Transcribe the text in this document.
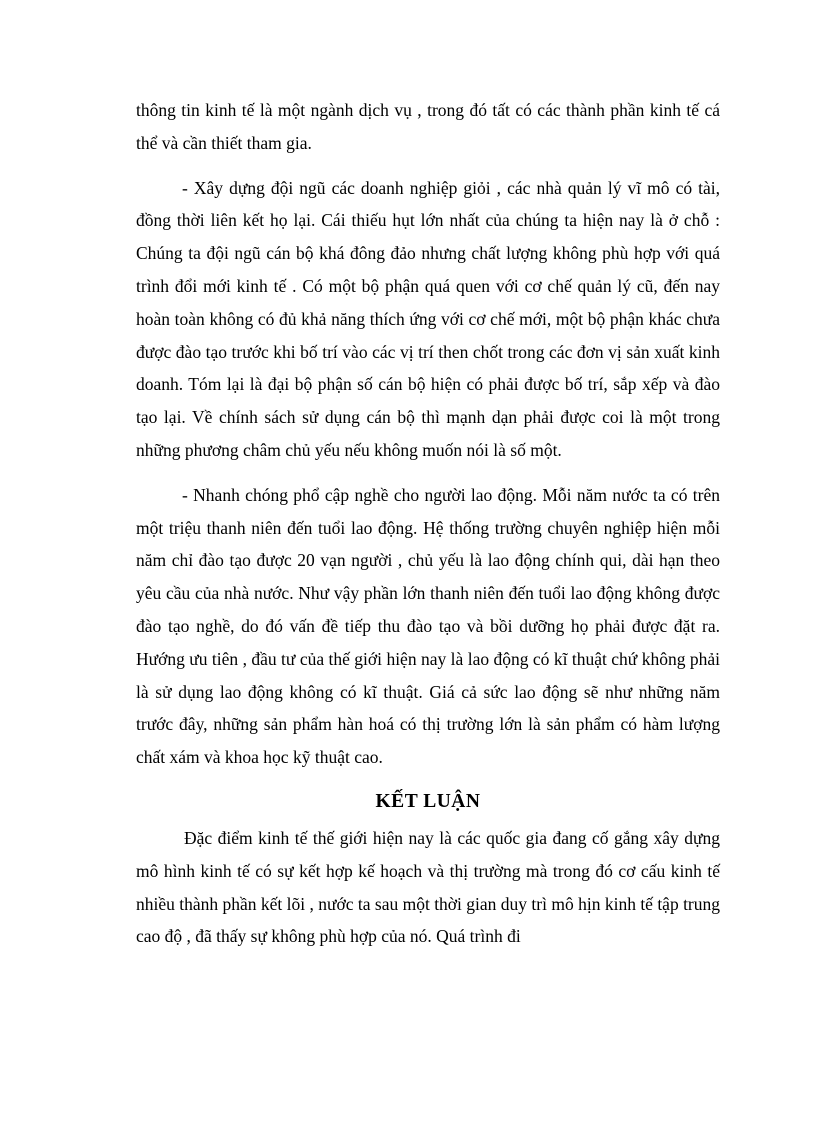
thông tin kinh tế là một ngành dịch vụ , trong đó tất có các thành phần kinh tế cá thể và cần thiết tham gia.

- Xây dựng đội ngũ các doanh nghiệp giỏi , các nhà quản lý vĩ mô có tài, đồng thời liên kết họ lại. Cái thiếu hụt lớn nhất của chúng ta hiện nay là ở chỗ : Chúng ta đội ngũ cán bộ khá đông đảo nhưng chất lượng không phù hợp với quá trình đổi mới kinh tế . Có một bộ phận quá quen với cơ chế quản lý cũ, đến nay hoàn toàn không có đủ khả năng thích ứng với cơ chế mới, một bộ phận khác chưa được đào tạo trước khi bố trí vào các vị trí then chốt trong các đơn vị sản xuất kinh doanh. Tóm lại là đại bộ phận số cán bộ hiện có phải được bố trí, sắp xếp và đào tạo lại. Về chính sách sử dụng cán bộ thì mạnh dạn phải được coi là một trong những phương châm chủ yếu nếu không muốn nói là số một.

- Nhanh chóng phổ cập nghề cho người lao động. Mỗi năm nước ta có trên một triệu thanh niên đến tuổi lao động. Hệ thống trường chuyên nghiệp hiện mỗi năm chỉ đào tạo được 20 vạn người , chủ yếu là lao động chính qui, dài hạn theo yêu cầu của nhà nước. Như vậy phần lớn thanh niên đến tuổi lao động không được đào tạo nghề, do đó vấn đề tiếp thu đào tạo và bồi dưỡng họ phải được đặt ra. Hướng ưu tiên , đầu tư của thế giới hiện nay là lao động có kĩ thuật chứ không phải là sử dụng lao động không có kĩ thuật. Giá cả sức lao động sẽ như những năm trước đây, những sản phẩm hàn hoá có thị trường lớn là sản phẩm có hàm lượng chất xám và khoa học kỹ thuật cao.

KẾT LUẬN

Đặc điểm kinh tế thế giới hiện nay là các quốc gia đang cố gắng xây dựng mô hình kinh tế có sự kết hợp kế hoạch và thị trường mà trong đó cơ cấu kinh tế nhiều thành phần kết lõi , nước ta sau một thời gian duy trì mô hịn kinh tế tập trung cao độ , đã thấy sự không phù hợp của nó. Quá trình đi
